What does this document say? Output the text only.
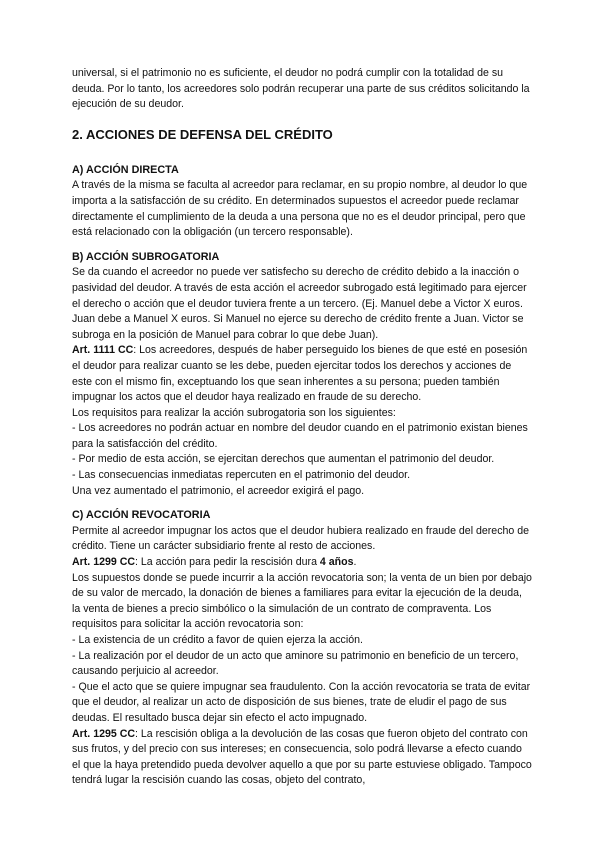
universal, si el patrimonio no es suficiente, el deudor no podrá cumplir con la totalidad de su deuda. Por lo tanto, los acreedores solo podrán recuperar una parte de sus créditos solicitando la ejecución de su deudor.

2. ACCIONES DE DEFENSA DEL CRÉDITO
A) ACCIÓN DIRECTA

A través de la misma se faculta al acreedor para reclamar, en su propio nombre, al deudor lo que importa a la satisfacción de su crédito. En determinados supuestos el acreedor puede reclamar directamente el cumplimiento de la deuda a una persona que no es el deudor principal, pero que está relacionado con la obligación (un tercero responsable).

B) ACCIÓN SUBROGATORIA

Se da cuando el acreedor no puede ver satisfecho su derecho de crédito debido a la inacción o pasividad del deudor. A través de esta acción el acreedor subrogado está legitimado para ejercer el derecho o acción que el deudor tuviera frente a un tercero. (Ej. Manuel debe a Victor X euros. Juan debe a Manuel X euros. Si Manuel no ejerce su derecho de crédito frente a Juan. Victor se subroga en la posición de Manuel para cobrar lo que debe Juan).

Art. 1111 CC: Los acreedores, después de haber perseguido los bienes de que esté en posesión el deudor para realizar cuanto se les debe, pueden ejercitar todos los derechos y acciones de este con el mismo fin, exceptuando los que sean inherentes a su persona; pueden también impugnar los actos que el deudor haya realizado en fraude de su derecho.

Los requisitos para realizar la acción subrogatoria son los siguientes:

- Los acreedores no podrán actuar en nombre del deudor cuando en el patrimonio existan bienes para la satisfacción del crédito.

- Por medio de esta acción, se ejercitan derechos que aumentan el patrimonio del deudor.

- Las consecuencias inmediatas repercuten en el patrimonio del deudor.

Una vez aumentado el patrimonio, el acreedor exigirá el pago.

C) ACCIÓN REVOCATORIA

Permite al acreedor impugnar los actos que el deudor hubiera realizado en fraude del derecho de crédito. Tiene un carácter subsidiario frente al resto de acciones.

Art. 1299 CC: La acción para pedir la rescisión dura 4 años.

Los supuestos donde se puede incurrir a la acción revocatoria son; la venta de un bien por debajo de su valor de mercado, la donación de bienes a familiares para evitar la ejecución de la deuda, la venta de bienes a precio simbólico o la simulación de un contrato de compraventa. Los requisitos para solicitar la acción revocatoria son:

- La existencia de un crédito a favor de quien ejerza la acción.

- La realización por el deudor de un acto que aminore su patrimonio en beneficio de un tercero, causando perjuicio al acreedor.

- Que el acto que se quiere impugnar sea fraudulento. Con la acción revocatoria se trata de evitar que el deudor, al realizar un acto de disposición de sus bienes, trate de eludir el pago de sus deudas. El resultado busca dejar sin efecto el acto impugnado.

Art. 1295 CC: La rescisión obliga a la devolución de las cosas que fueron objeto del contrato con sus frutos, y del precio con sus intereses; en consecuencia, solo podrá llevarse a efecto cuando el que la haya pretendido pueda devolver aquello a que por su parte estuviese obligado. Tampoco tendrá lugar la rescisión cuando las cosas, objeto del contrato,
